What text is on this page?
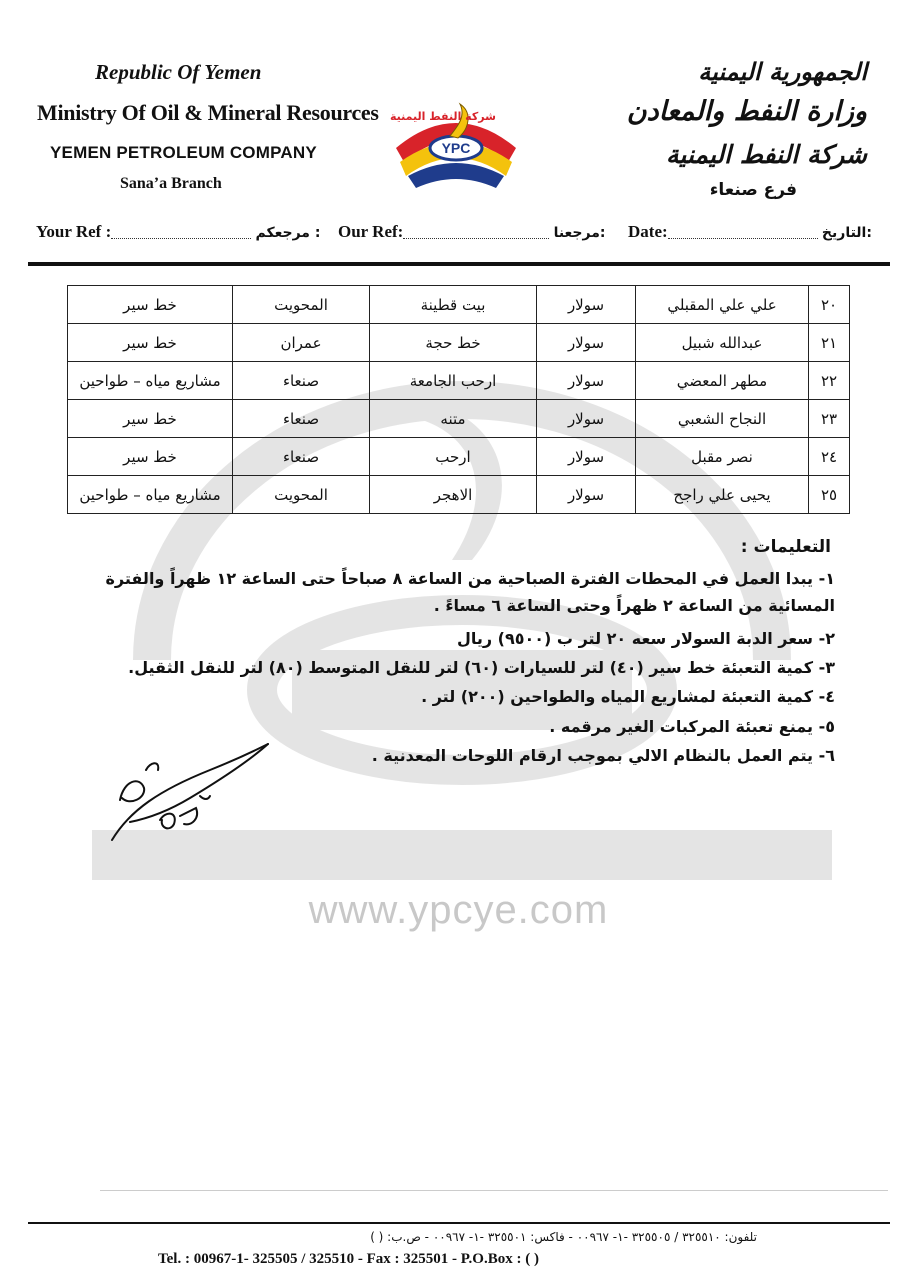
www.ypcye.com
Republic Of Yemen
Ministry Of Oil & Mineral Resources
YEMEN PETROLEUM COMPANY
Sana’a Branch
شركة النفط اليمنية
YPC
الجمهورية اليمنية
وزارة النفط والمعادن
شركة النفط اليمنية
فرع صنعاء
Your Ref :	مرجعكم : Our Ref:	مرجعنا: Date:	التاريخ:
٢٠	علي علي المقبلي	سولار	بيت قطينة	المحويت	خط سير
٢١	عبدالله شبيل	سولار	خط حجة	عمران	خط سير
٢٢	مطهر المعضي	سولار	ارحب الجامعة	صنعاء	مشاريع مياه – طواحين
٢٣	النجاح الشعبي	سولار	متنه	صنعاء	خط سير
٢٤	نصر مقبل	سولار	ارحب	صنعاء	خط سير
٢٥	يحيى علي راجح	سولار	الاهجر	المحويت	مشاريع مياه – طواحين
التعليمات :
١- يبدا العمل في المحطات الفترة الصباحية من الساعة ٨ صباحاً حتى الساعة ١٢ ظهراً والفترة المسائية من الساعة ٢ ظهراً وحتى الساعة ٦ مساءً .
٢- سعر الدبة السولار سعه ٢٠ لتر ب (٩٥٠٠) ريال
٣- كمية التعبئة خط سير (٤٠) لتر للسيارات (٦٠) لتر للنقل المتوسط (٨٠) لتر للنقل الثقيل.
٤- كمية التعبئة لمشاريع المياه والطواحين (٢٠٠) لتر .
٥- يمنع تعبئة المركبات الغير مرقمه .
٦- يتم العمل بالنظام الالي بموجب ارقام اللوحات المعدنية .
تلفون: ٣٢٥٥١٠ / ٣٢٥٥٠٥ -١- ٠٠٩٦٧ - فاكس: ٣٢٥٥٠١ -١- ٠٠٩٦٧ - ص.ب: ( )
Tel. : 00967-1- 325505 / 325510 - Fax : 325501 - P.O.Box : ( )
